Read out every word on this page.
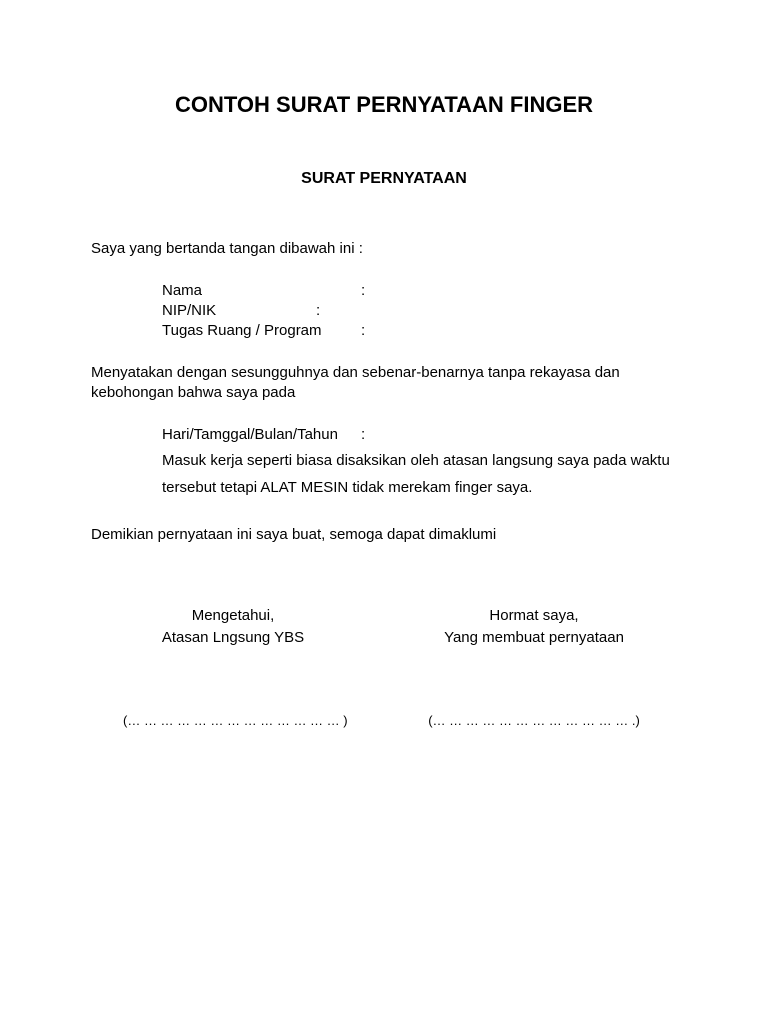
CONTOH SURAT PERNYATAAN FINGER
SURAT PERNYATAAN
Saya yang bertanda tangan dibawah ini :
Nama	:
NIP/NIK	:
Tugas Ruang / Program	:
Menyatakan dengan sesungguhnya dan sebenar-benarnya tanpa rekayasa dan
kebohongan bahwa saya pada
Hari/Tamggal/Bulan/Tahun :
Masuk kerja seperti biasa disaksikan oleh atasan langsung saya pada waktu
tersebut tetapi ALAT MESIN tidak merekam finger saya.
Demikian pernyataan ini saya buat, semoga dapat dimaklumi
Mengetahui,
Atasan Lngsung YBS
(… … … … … … … … … … … … … )
Hormat saya,
Yang membuat pernyataan
(… … … … … … … … … … … … .)
